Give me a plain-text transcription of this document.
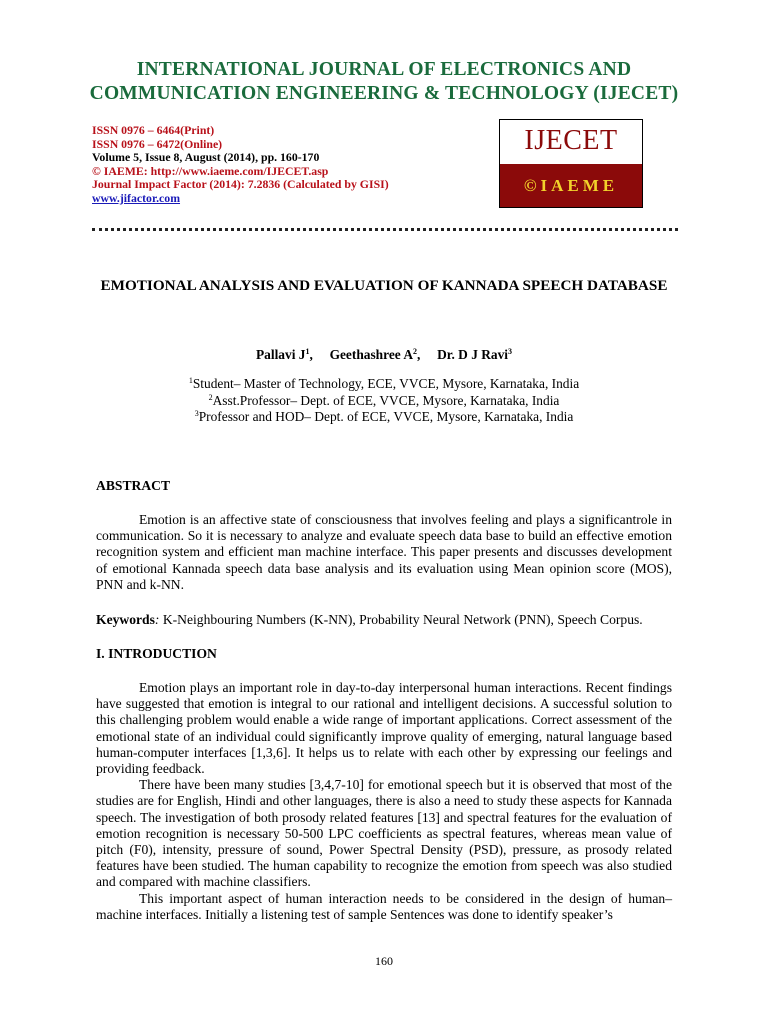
INTERNATIONAL JOURNAL OF ELECTRONICS AND
COMMUNICATION ENGINEERING & TECHNOLOGY (IJECET)
ISSN 0976 – 6464(Print)
ISSN 0976 – 6472(Online)
Volume 5, Issue 8, August (2014), pp. 160-170
© IAEME: http://www.iaeme.com/IJECET.asp
Journal Impact Factor (2014): 7.2836 (Calculated by GISI)
www.jifactor.com
IJECET
©IAEME
EMOTIONAL ANALYSIS AND EVALUATION OF KANNADA SPEECH DATABASE
Pallavi $J^1$,     Geethashree $A^2$,     Dr. D J Ravi$^3$
$^1$Student– Master of Technology, ECE, VVCE, Mysore, Karnataka, India
$^2$Asst.Professor– Dept. of ECE, VVCE, Mysore, Karnataka, India
$^3$Professor and HOD– Dept. of ECE, VVCE, Mysore, Karnataka, India
ABSTRACT

Emotion is an affective state of consciousness that involves feeling and plays a significantrole in communication. So it is necessary to analyze and evaluate speech data base to build an effective emotion recognition system and efficient man machine interface. This paper presents and discusses development of emotional Kannada speech data base analysis and its evaluation using Mean opinion score (MOS), PNN and k-NN.

Keywords: K-Neighbouring Numbers (K-NN), Probability Neural Network (PNN), Speech Corpus.
I. INTRODUCTION

Emotion plays an important role in day-to-day interpersonal human interactions. Recent findings have suggested that emotion is integral to our rational and intelligent decisions. A successful solution to this challenging problem would enable a wide range of important applications. Correct assessment of the emotional state of an individual could significantly improve quality of emerging, natural language based human-computer interfaces [1,3,6]. It helps us to relate with each other by expressing our feelings and providing feedback.

There have been many studies [3,4,7-10] for emotional speech but it is observed that most of the studies are for English, Hindi and other languages, there is also a need to study these aspects for Kannada speech. The investigation of both prosody related features [13] and spectral features for the evaluation of emotion recognition is necessary 50-500 LPC coefficients as spectral features, whereas mean value of pitch (F0), intensity, pressure of sound, Power Spectral Density (PSD), pressure, as prosody related features have been studied. The human capability to recognize the emotion from speech was also studied and compared with machine classifiers.

This important aspect of human interaction needs to be considered in the design of human–machine interfaces. Initially a listening test of sample Sentences was done to identify speaker’s

160
